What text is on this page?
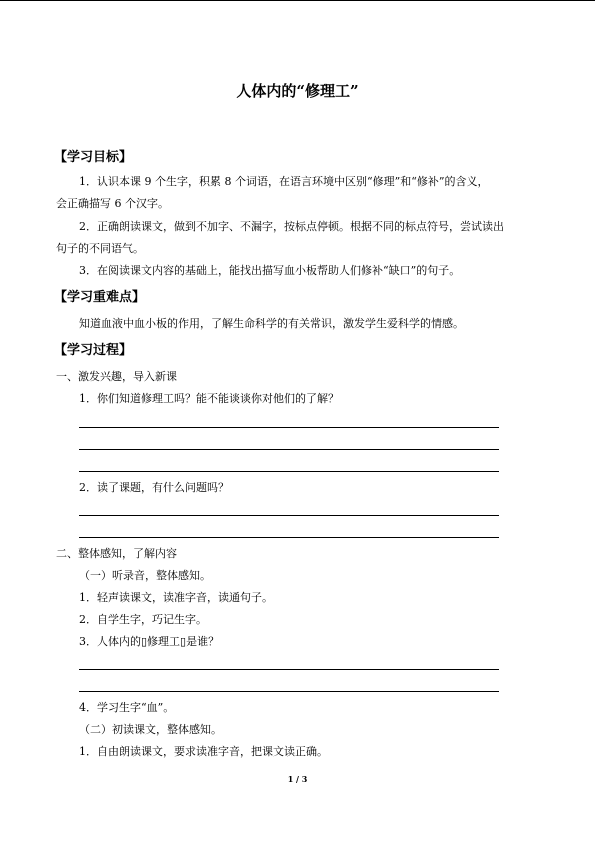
人体内的“修理工”
【学习目标】
1．认识本课 9 个生字，积累 8 个词语，在语言环境中区别“修理”和“修补”的含义，
会正确描写 6 个汉字。
2．正确朗读课文，做到不加字、不漏字，按标点停顿。根据不同的标点符号，尝试读出
句子的不同语气。
3．在阅读课文内容的基础上，能找出描写血小板帮助人们修补“缺口”的句子。
【学习重难点】
知道血液中血小板的作用，了解生命科学的有关常识，激发学生爱科学的情感。
【学习过程】
一、激发兴趣，导入新课
1．你们知道修理工吗？能不能谈谈你对他们的了解？
2．读了课题，有什么问题吗？
二、整体感知，了解内容
（一）听录音，整体感知。
1．轻声读课文，读准字音，读通句子。
2．自学生字，巧记生字。
3．人体内的▯修理工▯是谁？
4．学习生字“血”。
（二）初读课文，整体感知。
1．自由朗读课文，要求读准字音，把课文读正确。
1 / 3
